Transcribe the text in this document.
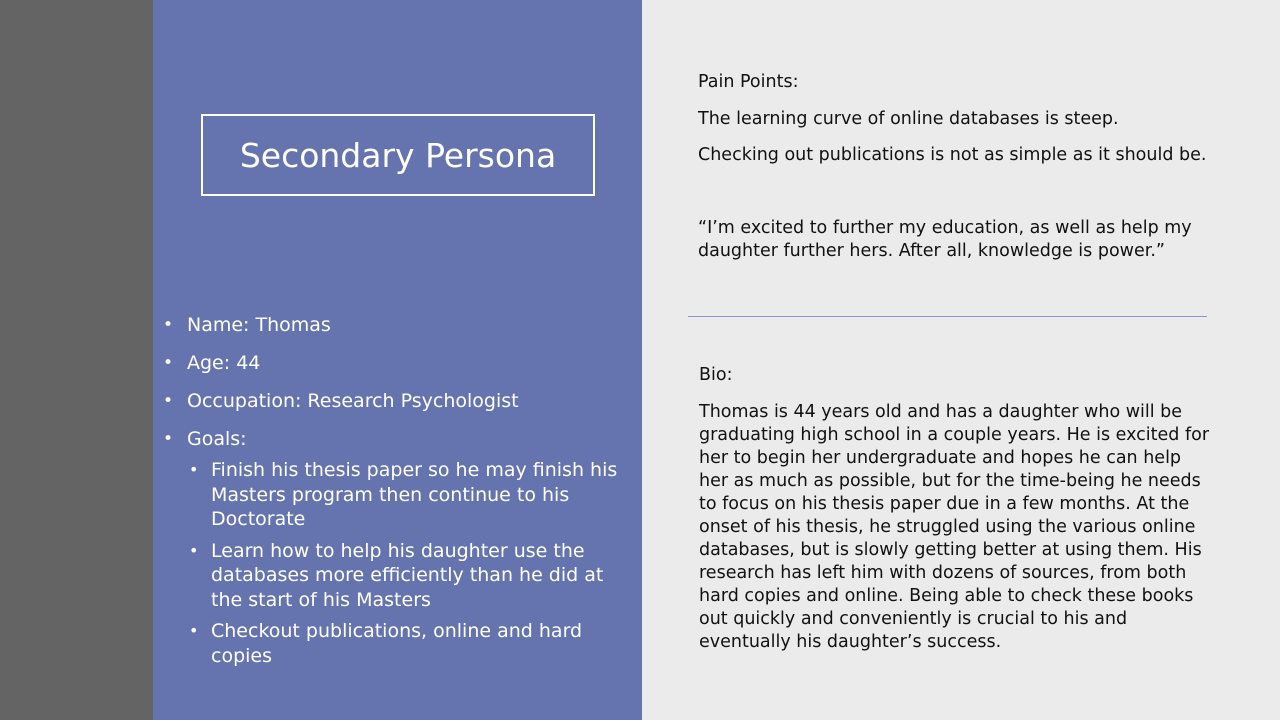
Secondary Persona
• Name: Thomas
• Age: 44
• Occupation: Research Psychologist
• Goals:
• Finish his thesis paper so he may finish his Masters program then continue to his Doctorate
• Learn how to help his daughter use the databases more efficiently than he did at the start of his Masters
• Checkout publications, online and hard copies
Pain Points:
The learning curve of online databases is steep.
Checking out publications is not as simple as it should be.
“I’m excited to further my education, as well as help my daughter further hers. After all, knowledge is power.”
Bio:
Thomas is 44 years old and has a daughter who will be graduating high school in a couple years. He is excited for her to begin her undergraduate and hopes he can help her as much as possible, but for the time-being he needs to focus on his thesis paper due in a few months. At the onset of his thesis, he struggled using the various online databases, but is slowly getting better at using them. His research has left him with dozens of sources, from both hard copies and online. Being able to check these books out quickly and conveniently is crucial to his and eventually his daughter’s success.
